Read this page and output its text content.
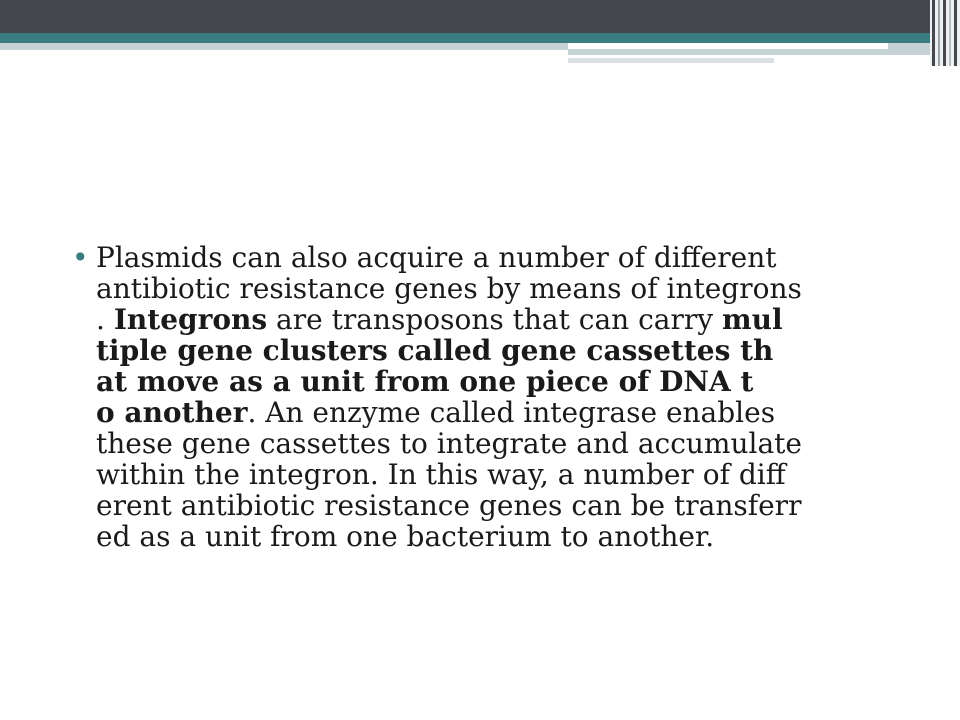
• Plasmids can also acquire a number of different
antibiotic resistance genes by means of integrons
. Integrons are transposons that can carry mul
tiple gene clusters called gene cassettes th
at move as a unit from one piece of DNA t
o another. An enzyme called integrase enables
these gene cassettes to integrate and accumulate
within the integron. In this way, a number of diff
erent antibiotic resistance genes can be transferr
ed as a unit from one bacterium to another.
